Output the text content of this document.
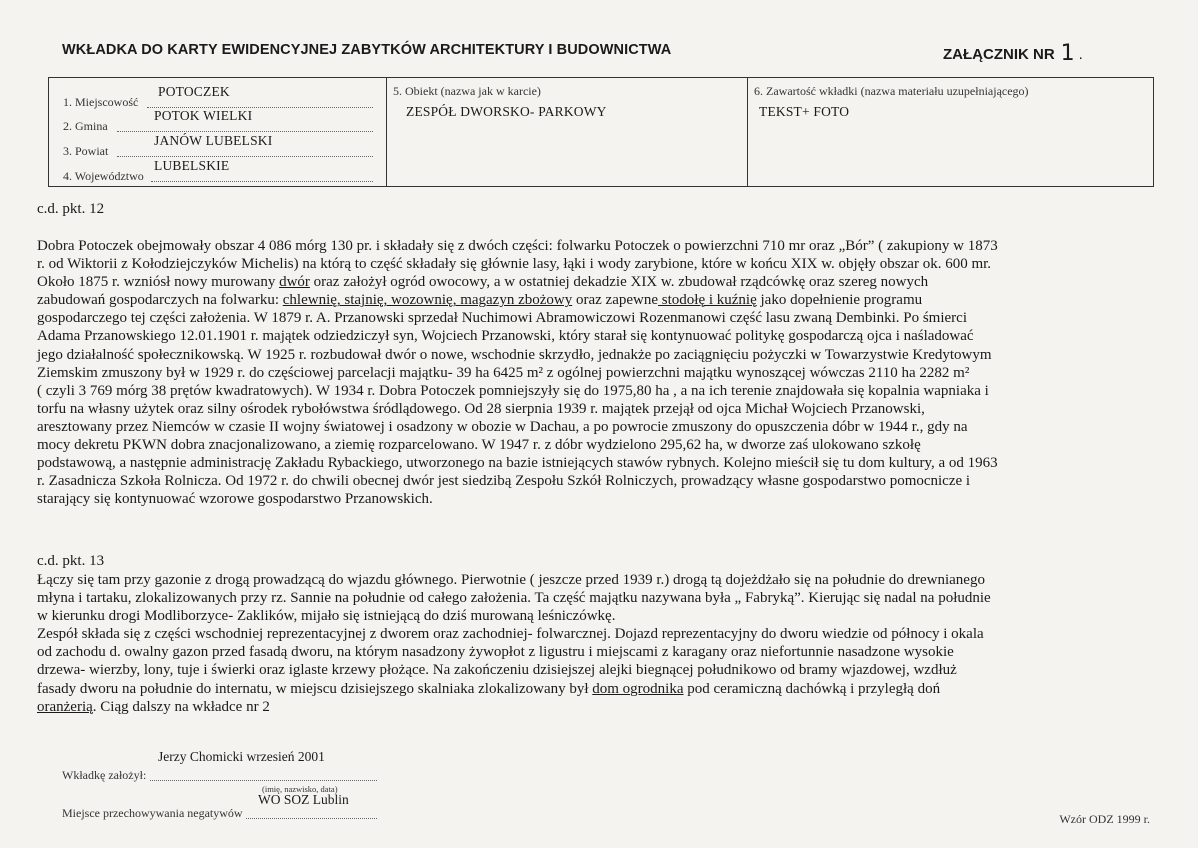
WKŁADKA DO KARTY EWIDENCYJNEJ ZABYTKÓW ARCHITEKTURY I BUDOWNICTWA	ZAŁĄCZNIK NR 1 .
1. Miejscowość
POTOCZEK
2. Gmina
POTOK WIELKI
3. Powiat
JANÓW LUBELSKI
4. Województwo
LUBELSKIE
5. Obiekt (nazwa jak w karcie)
ZESPÓŁ DWORSKO- PARKOWY
6. Zawartość wkładki (nazwa materiału uzupełniającego)
TEKST+ FOTO
c.d. pkt. 12
Dobra Potoczek obejmowały obszar 4 086 mórg 130 pr. i składały się z dwóch części: folwarku Potoczek o powierzchni 710 mr oraz „Bór” ( zakupiony w 1873
r. od Wiktorii z Kołodziejczyków Michelis) na którą to część składały się głównie lasy, łąki i wody zarybione, które w końcu XIX w. objęły obszar ok. 600 mr.
Około 1875 r. wzniósł nowy murowany dwór oraz założył ogród owocowy, a w ostatniej dekadzie XIX w. zbudował rządcówkę oraz szereg nowych
zabudowań gospodarczych na folwarku: chlewnię, stajnię, wozownię, magazyn zbożowy oraz zapewne stodołę i kuźnię jako dopełnienie programu
gospodarczego tej części założenia. W 1879 r. A. Przanowski sprzedał Nuchimowi Abramowiczowi Rozenmanowi część lasu zwaną Dembinki. Po śmierci
Adama Przanowskiego 12.01.1901 r. majątek odziedziczył syn, Wojciech Przanowski, który starał się kontynuować politykę gospodarczą ojca i naśladować
jego działalność społecznikowską. W 1925 r. rozbudował dwór o nowe, wschodnie skrzydło, jednakże po zaciągnięciu pożyczki w Towarzystwie Kredytowym
Ziemskim zmuszony był w 1929 r. do częściowej parcelacji majątku- 39 ha 6425 m² z ogólnej powierzchni majątku wynoszącej wówczas 2110 ha 2282 m²
( czyli 3 769 mórg 38 prętów kwadratowych). W 1934 r. Dobra Potoczek pomniejszyły się do 1975,80 ha , a na ich terenie znajdowała się kopalnia wapniaka i
torfu na własny użytek oraz silny ośrodek rybołówstwa śródlądowego. Od 28 sierpnia 1939 r. majątek przejął od ojca Michał Wojciech Przanowski,
aresztowany przez Niemców w czasie II wojny światowej i osadzony w obozie w Dachau, a po powrocie zmuszony do opuszczenia dóbr w 1944 r., gdy na
mocy dekretu PKWN dobra znacjonalizowano, a ziemię rozparcelowano. W 1947 r. z dóbr wydzielono 295,62 ha, w dworze zaś ulokowano szkołę
podstawową, a następnie administrację Zakładu Rybackiego, utworzonego na bazie istniejących stawów rybnych. Kolejno mieścił się tu dom kultury, a od 1963
r. Zasadnicza Szkoła Rolnicza. Od 1972 r. do chwili obecnej dwór jest siedzibą Zespołu Szkół Rolniczych, prowadzący własne gospodarstwo pomocnicze i
starający się kontynuować wzorowe gospodarstwo Przanowskich.
c.d. pkt. 13
Łączy się tam przy gazonie z drogą prowadzącą do wjazdu głównego. Pierwotnie ( jeszcze przed 1939 r.) drogą tą dojeżdżało się na południe do drewnianego
młyna i tartaku, zlokalizowanych przy rz. Sannie na południe od całego założenia. Ta część majątku nazywana była „ Fabryką”. Kierując się nadal na południe
w kierunku drogi Modliborzyce- Zaklików, mijało się istniejącą do dziś murowaną leśniczówkę.
Zespół składa się z części wschodniej reprezentacyjnej z dworem oraz zachodniej- folwarcznej. Dojazd reprezentacyjny do dworu wiedzie od północy i okala
od zachodu d. owalny gazon przed fasadą dworu, na którym nasadzony żywopłot z ligustru i miejscami z karagany oraz niefortunnie nasadzone wysokie
drzewa- wierzby, lony, tuje i świerki oraz iglaste krzewy płożące. Na zakończeniu dzisiejszej alejki biegnącej południkowo od bramy wjazdowej, wzdłuż
fasady dworu na południe do internatu, w miejscu dzisiejszego skalniaka zlokalizowany był dom ogrodnika pod ceramiczną dachówką i przyległą doń
oranżerią. Ciąg dalszy na wkładce nr 2
Jerzy Chomicki wrzesień 2001
Wkładkę założył:
(imię, nazwisko, data)
WO SOZ Lublin
Miejsce przechowywania negatywów	Wzór ODZ 1999 r.
